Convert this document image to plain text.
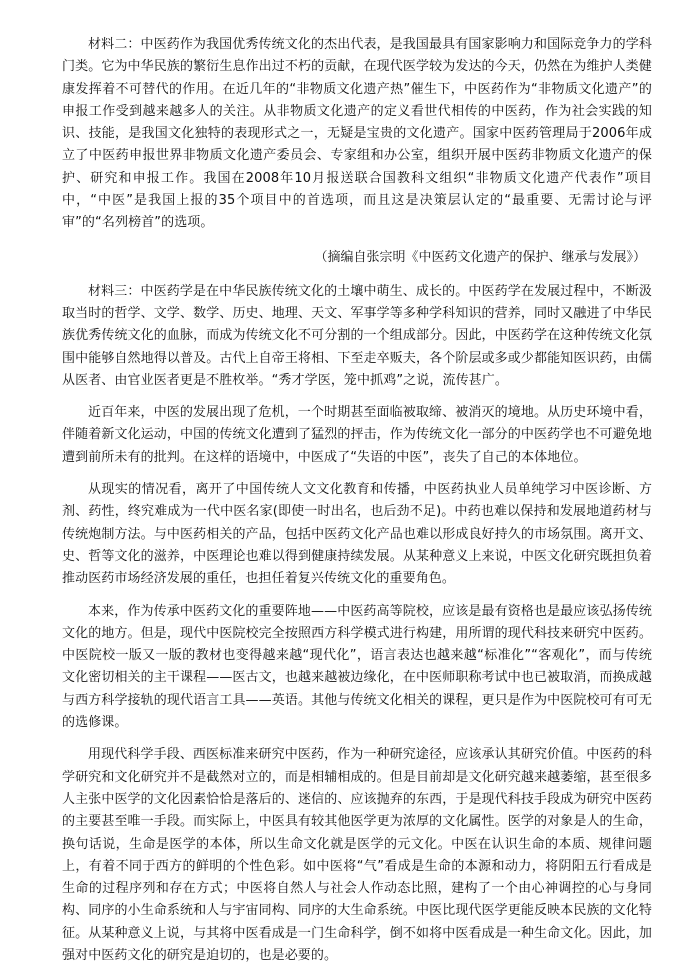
材料二：中医药作为我国优秀传统文化的杰出代表，是我国最具有国家影响力和国际竞争力的学科门类。它为中华民族的繁衍生息作出过不朽的贡献，在现代医学较为发达的今天，仍然在为维护人类健康发挥着不可替代的作用。在近几年的“非物质文化遗产热”催生下，中医药作为“非物质文化遗产”的申报工作受到越来越多人的关注。从非物质文化遗产的定义看世代相传的中医药，作为社会实践的知识、技能，是我国文化独特的表现形式之一，无疑是宝贵的文化遗产。国家中医药管理局于2006年成立了中医药申报世界非物质文化遗产委员会、专家组和办公室，组织开展中医药非物质文化遗产的保护、研究和申报工作。我国在2008年10月报送联合国教科文组织“非物质文化遗产代表作”项目中，“中医”是我国上报的35个项目中的首选项，而且这是决策层认定的“最重要、无需讨论与评审”的“名列榜首”的选项。

（摘编自张宗明《中医药文化遗产的保护、继承与发展》）

材料三：中医药学是在中华民族传统文化的土壤中萌生、成长的。中医药学在发展过程中，不断汲取当时的哲学、文学、数学、历史、地理、天文、军事学等多种学科知识的营养，同时又融进了中华民族优秀传统文化的血脉，而成为传统文化不可分割的一个组成部分。因此，中医药学在这种传统文化氛围中能够自然地得以普及。古代上自帝王将相、下至走卒贩夫，各个阶层或多或少都能知医识药，由儒从医者、由官业医者更是不胜枚举。“秀才学医，笼中抓鸡”之说，流传甚广。

近百年来，中医的发展出现了危机，一个时期甚至面临被取缔、被消灭的境地。从历史环境中看，伴随着新文化运动，中国的传统文化遭到了猛烈的抨击，作为传统文化一部分的中医药学也不可避免地遭到前所未有的批判。在这样的语境中，中医成了“失语的中医”，丧失了自己的本体地位。

从现实的情况看，离开了中国传统人文文化教育和传播，中医药执业人员单纯学习中医诊断、方剂、药性，终究难成为一代中医名家(即使一时出名，也后劲不足)。中药也难以保持和发展地道药材与传统炮制方法。与中医药相关的产品，包括中医药文化产品也难以形成良好持久的市场氛围。离开文、史、哲等文化的滋养，中医理论也难以得到健康持续发展。从某种意义上来说，中医文化研究既担负着推动医药市场经济发展的重任，也担任着复兴传统文化的重要角色。

本来，作为传承中医药文化的重要阵地——中医药高等院校，应该是最有资格也是最应该弘扬传统文化的地方。但是，现代中医院校完全按照西方科学模式进行构建，用所谓的现代科技来研究中医药。中医院校一版又一版的教材也变得越来越“现代化”，语言表达也越来越“标准化”“客观化”，而与传统文化密切相关的主干课程——医古文，也越来越被边缘化，在中医师职称考试中也已被取消，而换成越与西方科学接轨的现代语言工具——英语。其他与传统文化相关的课程，更只是作为中医院校可有可无的选修课。

用现代科学手段、西医标准来研究中医药，作为一种研究途径，应该承认其研究价值。中医药的科学研究和文化研究并不是截然对立的，而是相辅相成的。但是目前却是文化研究越来越萎缩，甚至很多人主张中医学的文化因素恰恰是落后的、迷信的、应该抛弃的东西，于是现代科技手段成为研究中医药的主要甚至唯一手段。而实际上，中医具有较其他医学更为浓厚的文化属性。医学的对象是人的生命，换句话说，生命是医学的本体，所以生命文化就是医学的元文化。中医在认识生命的本质、规律问题上，有着不同于西方的鲜明的个性色彩。如中医将“气”看成是生命的本源和动力，将阴阳五行看成是生命的过程序列和存在方式；中医将自然人与社会人作动态比照，建构了一个由心神调控的心与身同构、同序的小生命系统和人与宇宙同构、同序的大生命系统。中医比现代医学更能反映本民族的文化特征。从某种意义上说，与其将中医看成是一门生命科学，倒不如将中医看成是一种生命文化。因此，加强对中医药文化的研究是迫切的，也是必要的。
